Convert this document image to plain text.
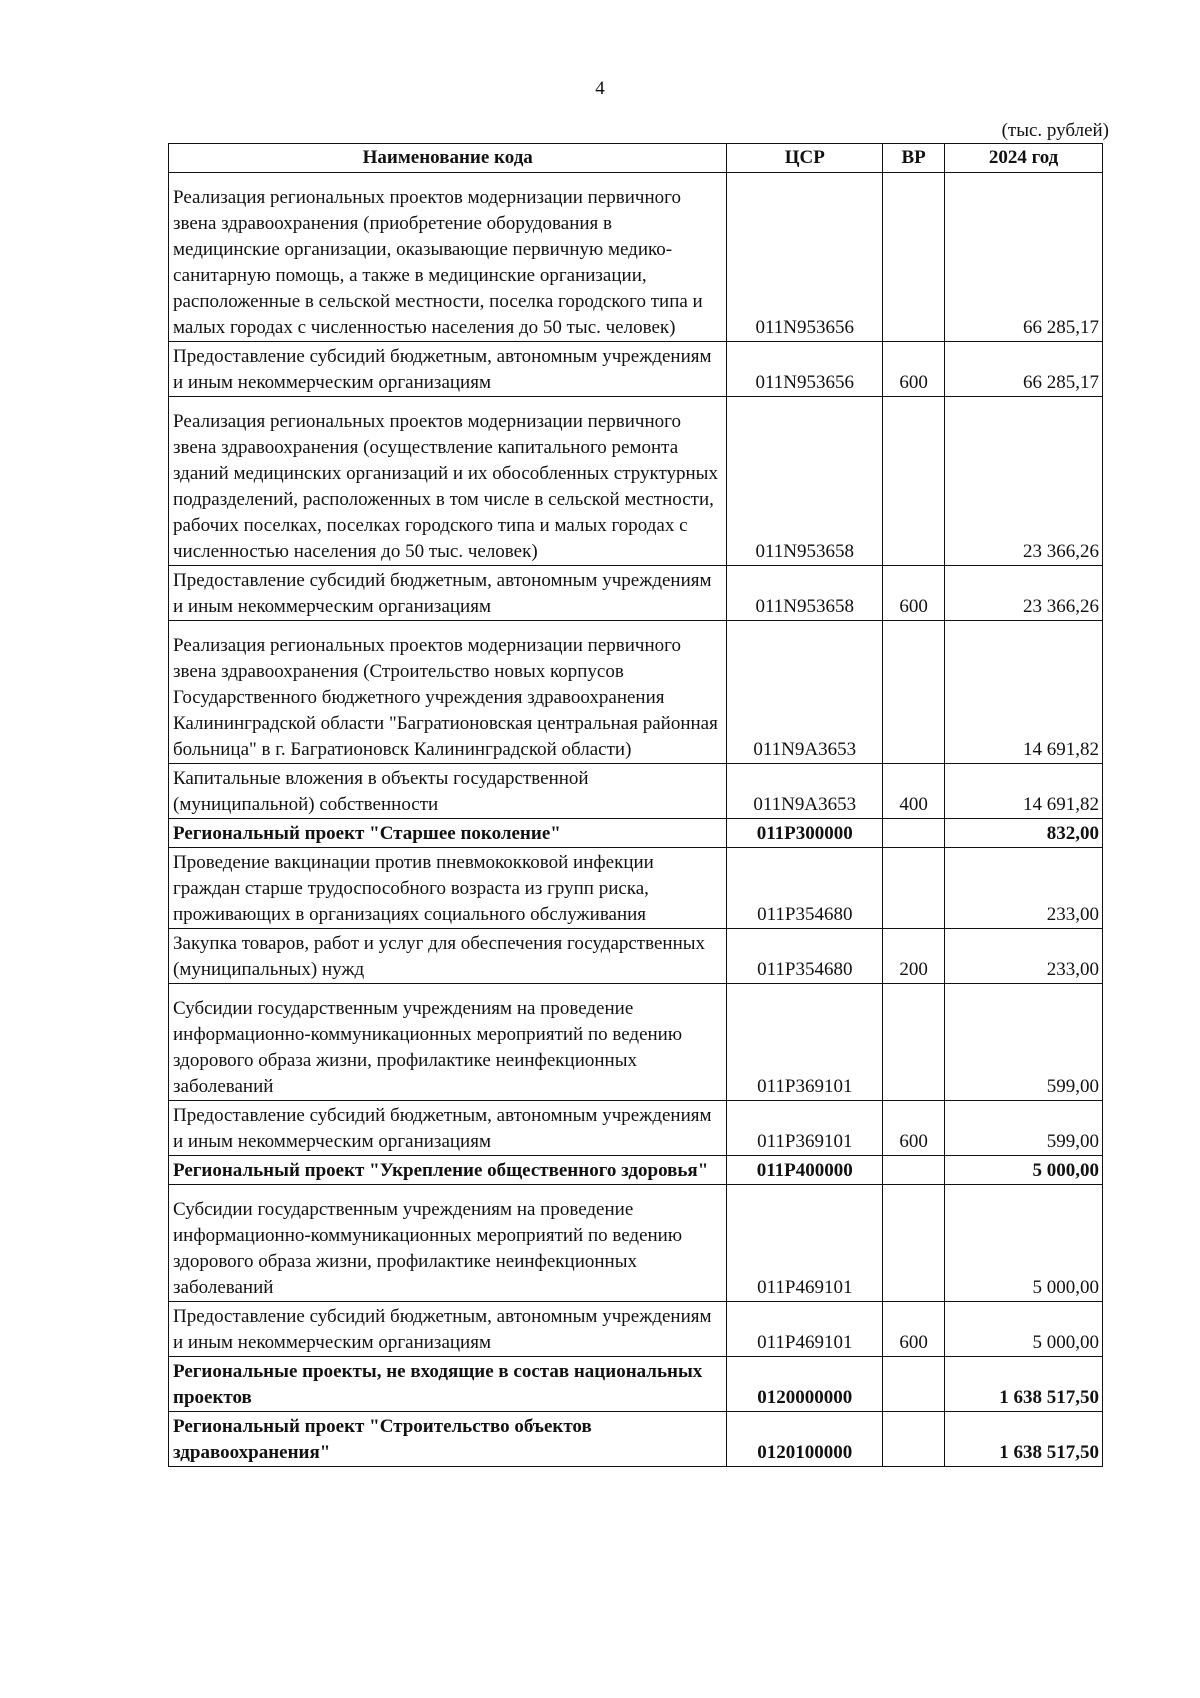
4
(тыс. рублей)
Наименование кода	ЦСР	ВР	2024 год
Реализация региональных проектов модернизации первичного звена здравоохранения (приобретение оборудования в медицинские организации, оказывающие первичную медико-санитарную помощь, а также в медицинские организации, расположенные в сельской местности, поселка городского типа и малых городах с численностью населения до 50 тыс. человек)	011N953656		66 285,17
Предоставление субсидий бюджетным, автономным учреждениям и иным некоммерческим организациям	011N953656	600	66 285,17
Реализация региональных проектов модернизации первичного звена здравоохранения (осуществление капитального ремонта зданий медицинских организаций и их обособленных структурных подразделений, расположенных в том числе в сельской местности, рабочих поселках, поселках городского типа и малых городах с численностью населения до 50 тыс. человек)	011N953658		23 366,26
Предоставление субсидий бюджетным, автономным учреждениям и иным некоммерческим организациям	011N953658	600	23 366,26
Реализация региональных проектов модернизации первичного звена здравоохранения (Строительство новых корпусов Государственного бюджетного учреждения здравоохранения Калининградской области "Багратионовская центральная районная больница" в г. Багратионовск Калининградской области)	011N9A3653		14 691,82
Капитальные вложения в объекты государственной (муниципальной) собственности	011N9A3653	400	14 691,82
Региональный проект "Старшее поколение"	011P300000		832,00
Проведение вакцинации против пневмококковой инфекции граждан старше трудоспособного возраста из групп риска, проживающих в организациях социального обслуживания	011P354680		233,00
Закупка товаров, работ и услуг для обеспечения государственных (муниципальных) нужд	011P354680	200	233,00
Субсидии государственным учреждениям на проведение информационно-коммуникационных мероприятий по ведению здорового образа жизни, профилактике неинфекционных заболеваний	011P369101		599,00
Предоставление субсидий бюджетным, автономным учреждениям и иным некоммерческим организациям	011P369101	600	599,00
Региональный проект "Укрепление общественного здоровья"	011P400000		5 000,00
Субсидии государственным учреждениям на проведение информационно-коммуникационных мероприятий по ведению здорового образа жизни, профилактике неинфекционных заболеваний	011P469101		5 000,00
Предоставление субсидий бюджетным, автономным учреждениям и иным некоммерческим организациям	011P469101	600	5 000,00
Региональные проекты, не входящие в состав национальных проектов	0120000000		1 638 517,50
Региональный проект "Строительство объектов здравоохранения"	0120100000		1 638 517,50
